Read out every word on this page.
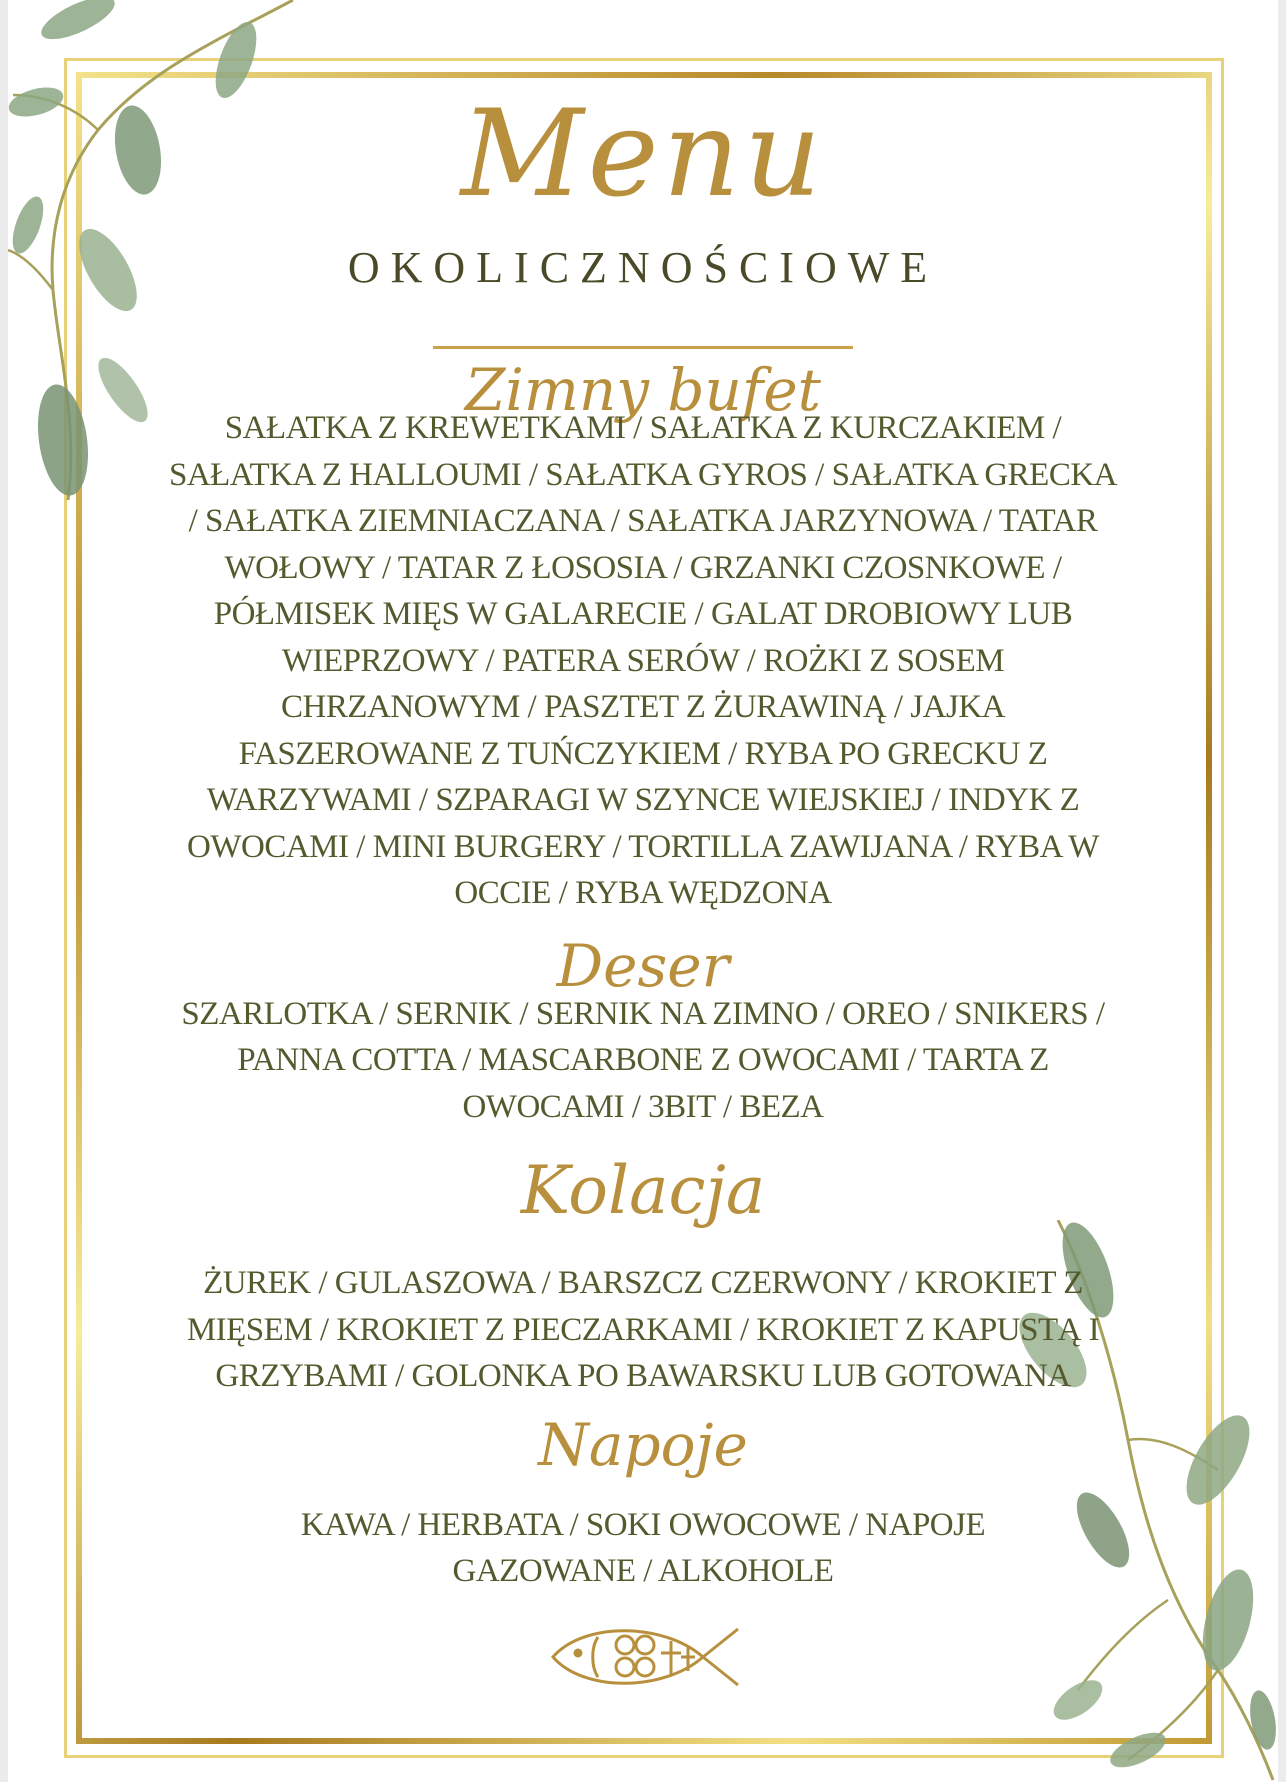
Menu
OKOLICZNOŚCIOWE
Zimny bufet

SAŁATKA Z KREWETKAMI / SAŁATKA Z KURCZAKIEM / SAŁATKA Z HALLOUMI / SAŁATKA GYROS / SAŁATKA GRECKA / SAŁATKA ZIEMNIACZANA / SAŁATKA JARZYNOWA / TATAR WOŁOWY / TATAR Z ŁOSOSIA / GRZANKI CZOSNKOWE / PÓŁMISEK MIĘS W GALARECIE / GALAT DROBIOWY LUB WIEPRZOWY / PATERA SERÓW / ROŻKI Z SOSEM CHRZANOWYM / PASZTET Z ŻURAWINĄ / JAJKA FASZEROWANE Z TUŃCZYKIEM / RYBA PO GRECKU Z WARZYWAMI / SZPARAGI W SZYNCE WIEJSKIEJ / INDYK Z OWOCAMI / MINI BURGERY / TORTILLA ZAWIJANA / RYBA W OCCIE / RYBA WĘDZONA

Deser

SZARLOTKA / SERNIK / SERNIK NA ZIMNO / OREO / SNIKERS / PANNA COTTA / MASCARBONE Z OWOCAMI / TARTA Z OWOCAMI / 3BIT / BEZA

Kolacja

ŻUREK / GULASZOWA / BARSZCZ CZERWONY / KROKIET Z MIĘSEM / KROKIET Z PIECZARKAMI / KROKIET Z KAPUSTĄ I GRZYBAMI / GOLONKA PO BAWARSKU LUB GOTOWANA

Napoje

KAWA / HERBATA / SOKI OWOCOWE / NAPOJE GAZOWANE / ALKOHOLE
